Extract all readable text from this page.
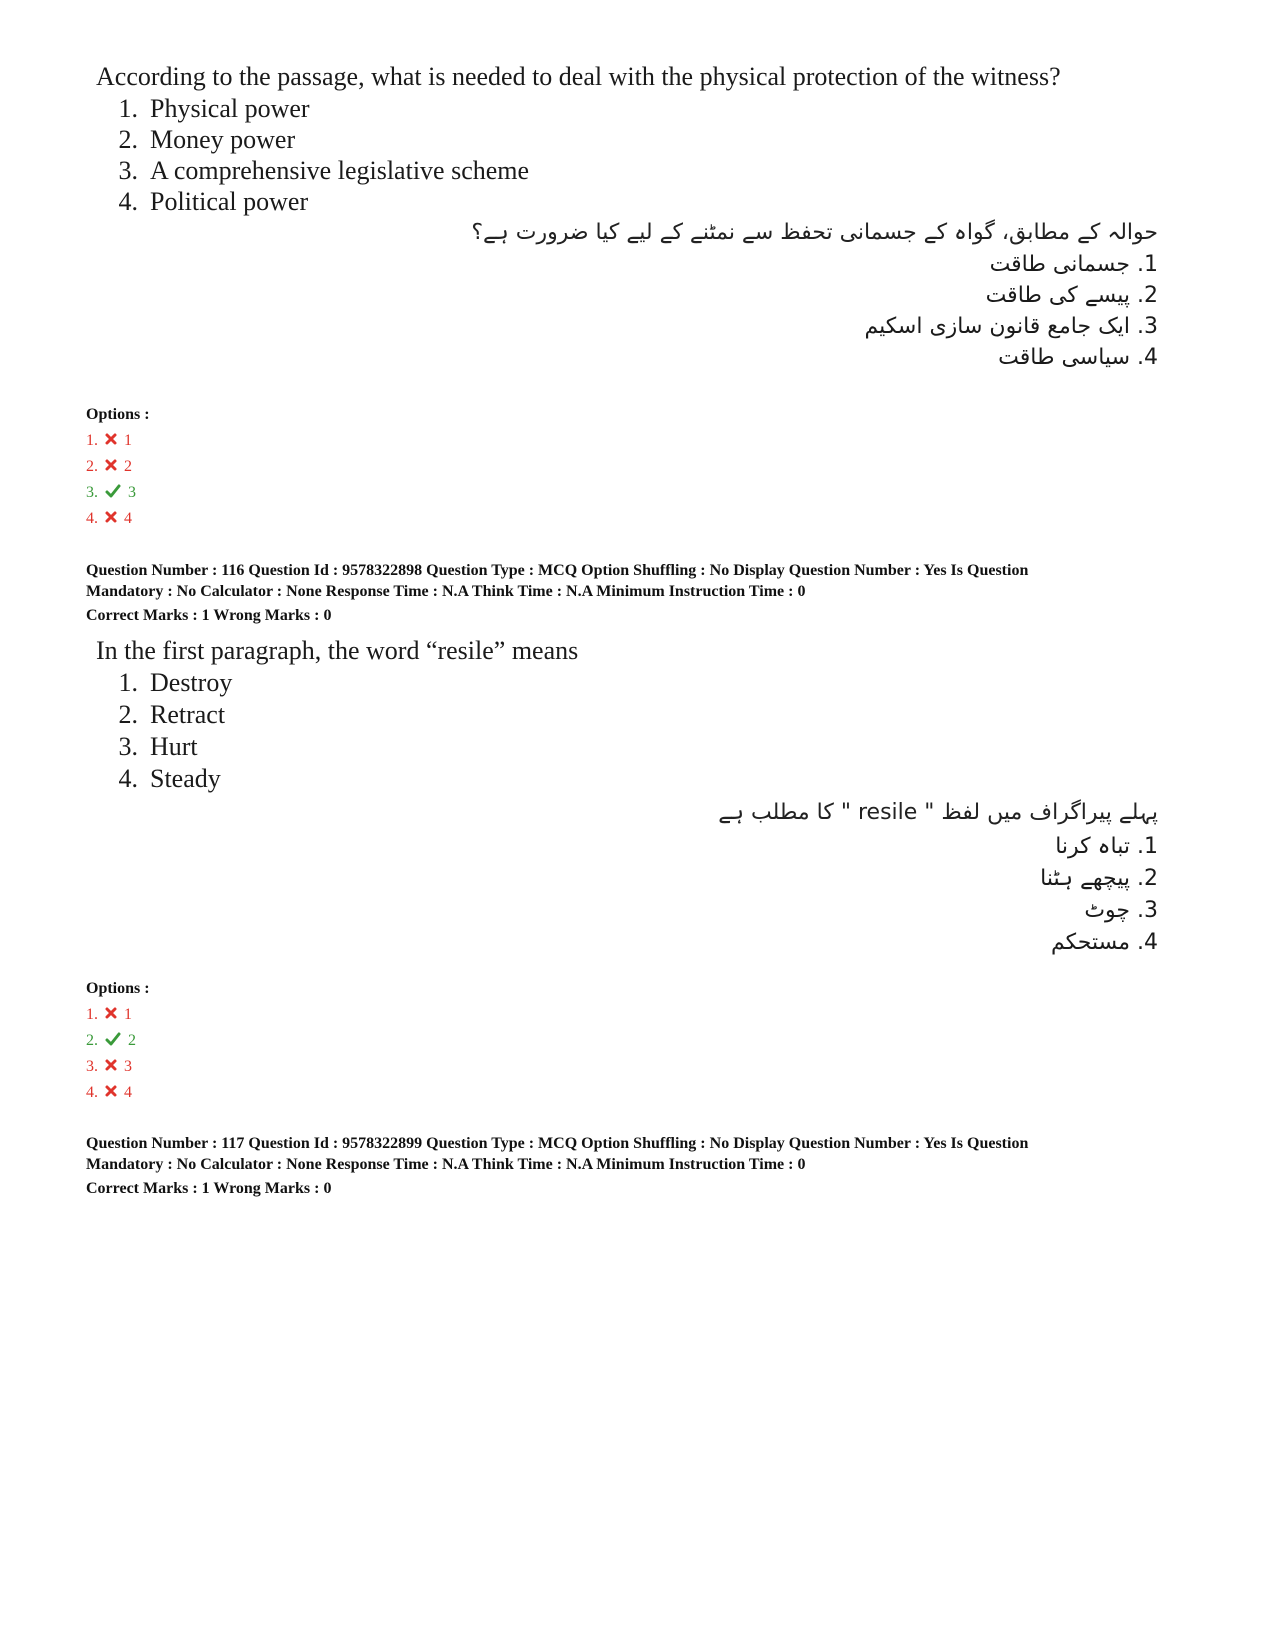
According to the passage, what is needed to deal with the physical protection of the witness?
1. Physical power
2. Money power
3. A comprehensive legislative scheme
4. Political power
حوالہ کے مطابق، گواہ کے جسمانی تحفظ سے نمٹنے کے لیے کیا ضرورت ہے؟
1. جسمانی طاقت
2. پیسے کی طاقت
3. ایک جامع قانون سازی اسکیم
4. سیاسی طاقت
Options :
1. 1
2. 2
3. 3
4. 4
Question Number : 116 Question Id : 9578322898 Question Type : MCQ Option Shuffling : No Display Question Number : Yes Is Question
Mandatory : No Calculator : None Response Time : N.A Think Time : N.A Minimum Instruction Time : 0
Correct Marks : 1 Wrong Marks : 0
In the first paragraph, the word “resile” means
1. Destroy
2. Retract
3. Hurt
4. Steady
پہلے پیراگراف میں لفظ " resile " کا مطلب ہے
1. تباہ کرنا
2. پیچھے ہٹنا
3. چوٹ
4. مستحکم
Options :
1. 1
2. 2
3. 3
4. 4
Question Number : 117 Question Id : 9578322899 Question Type : MCQ Option Shuffling : No Display Question Number : Yes Is Question
Mandatory : No Calculator : None Response Time : N.A Think Time : N.A Minimum Instruction Time : 0
Correct Marks : 1 Wrong Marks : 0
